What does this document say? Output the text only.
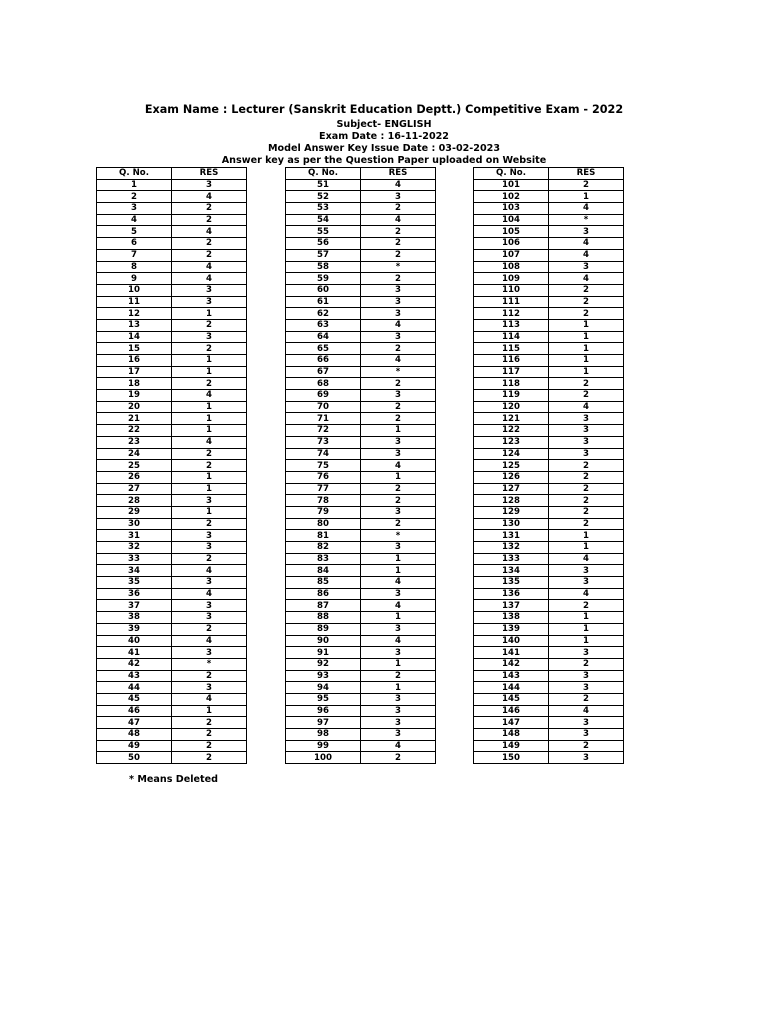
Exam Name : Lecturer (Sanskrit Education Deptt.) Competitive Exam - 2022
Subject- ENGLISH
Exam Date : 16-11-2022
Model Answer Key Issue Date : 03-02-2023
Answer key as per the Question Paper uploaded on Website
Q. No.	RES
1	3
2	4
3	2
4	2
5	4
6	2
7	2
8	4
9	4
10	3
11	3
12	1
13	2
14	3
15	2
16	1
17	1
18	2
19	4
20	1
21	1
22	1
23	4
24	2
25	2
26	1
27	1
28	3
29	1
30	2
31	3
32	3
33	2
34	4
35	3
36	4
37	3
38	3
39	2
40	4
41	3
42	*
43	2
44	3
45	4
46	1
47	2
48	2
49	2
50	2
Q. No.	RES
51	4
52	3
53	2
54	4
55	2
56	2
57	2
58	*
59	2
60	3
61	3
62	3
63	4
64	3
65	2
66	4
67	*
68	2
69	3
70	2
71	2
72	1
73	3
74	3
75	4
76	1
77	2
78	2
79	3
80	2
81	*
82	3
83	1
84	1
85	4
86	3
87	4
88	1
89	3
90	4
91	3
92	1
93	2
94	1
95	3
96	3
97	3
98	3
99	4
100	2
Q. No.	RES
101	2
102	1
103	4
104	*
105	3
106	4
107	4
108	3
109	4
110	2
111	2
112	2
113	1
114	1
115	1
116	1
117	1
118	2
119	2
120	4
121	3
122	3
123	3
124	3
125	2
126	2
127	2
128	2
129	2
130	2
131	1
132	1
133	4
134	3
135	3
136	4
137	2
138	1
139	1
140	1
141	3
142	2
143	3
144	3
145	2
146	4
147	3
148	3
149	2
150	3
* Means Deleted
